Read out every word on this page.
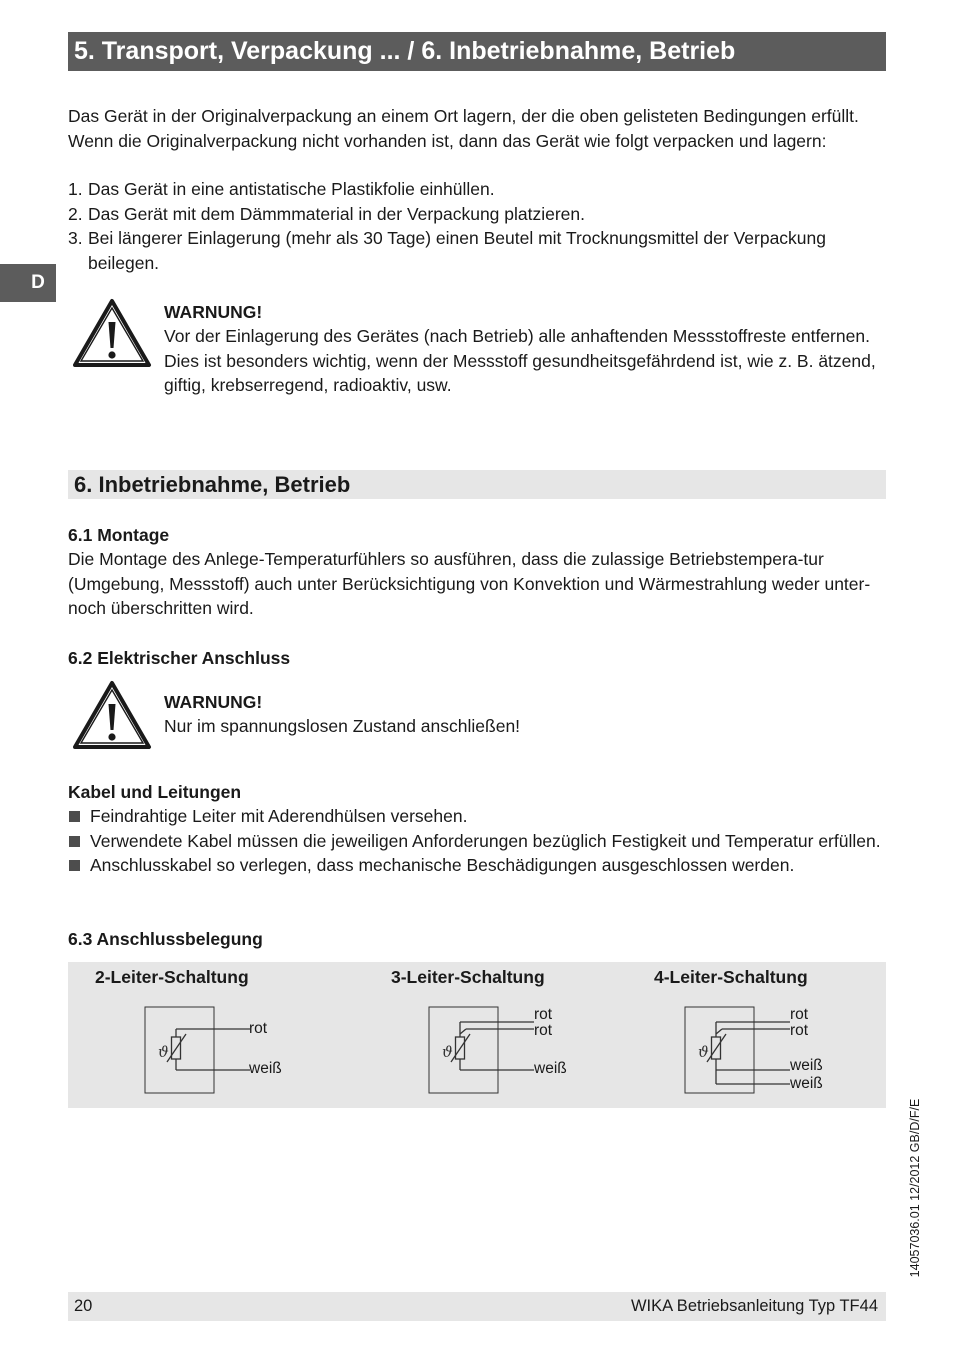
5. Transport, Verpackung ... / 6. Inbetriebnahme, Betrieb
D
Das Gerät in der Originalverpackung an einem Ort lagern, der die oben gelisteten Bedingungen erfüllt. Wenn die Originalverpackung nicht vorhanden ist, dann das Gerät wie folgt verpacken und lagern:
1. Das Gerät in eine antistatische Plastikfolie einhüllen.
2. Das Gerät mit dem Dämmmaterial in der Verpackung platzieren.
3. Bei längerer Einlagerung (mehr als 30 Tage) einen Beutel mit Trocknungsmittel der Verpackung beilegen.
WARNUNG!
Vor der Einlagerung des Gerätes (nach Betrieb) alle anhaftenden Messstoffreste entfernen. Dies ist besonders wichtig, wenn der Messstoff gesundheitsgefährdend ist, wie z. B. ätzend, giftig, krebserregend, radioaktiv, usw.
6. Inbetriebnahme, Betrieb
6.1 Montage
Die Montage des Anlege-Temperaturfühlers so ausführen, dass die zulassige Betriebstempera-tur (Umgebung, Messstoff) auch unter Berücksichtigung von Konvektion und Wärmestrahlung weder unter- noch überschritten wird.
6.2 Elektrischer Anschluss
WARNUNG!
Nur im spannungslosen Zustand anschließen!
Kabel und Leitungen
Feindrahtige Leiter mit Aderendhülsen versehen.
Verwendete Kabel müssen die jeweiligen Anforderungen bezüglich Festigkeit und Temperatur erfüllen.
Anschlusskabel so verlegen, dass mechanische Beschädigungen ausgeschlossen werden.
6.3 Anschlussbelegung
2-Leiter-Schaltung	3-Leiter-Schaltung	4-Leiter-Schaltung
ϑ
rot
weiß
ϑ
rot
rot
weiß
ϑ
rot
rot
weiß
weiß
14057036.01 12/2012 GB/D/F/E
20	WIKA Betriebsanleitung Typ TF44
